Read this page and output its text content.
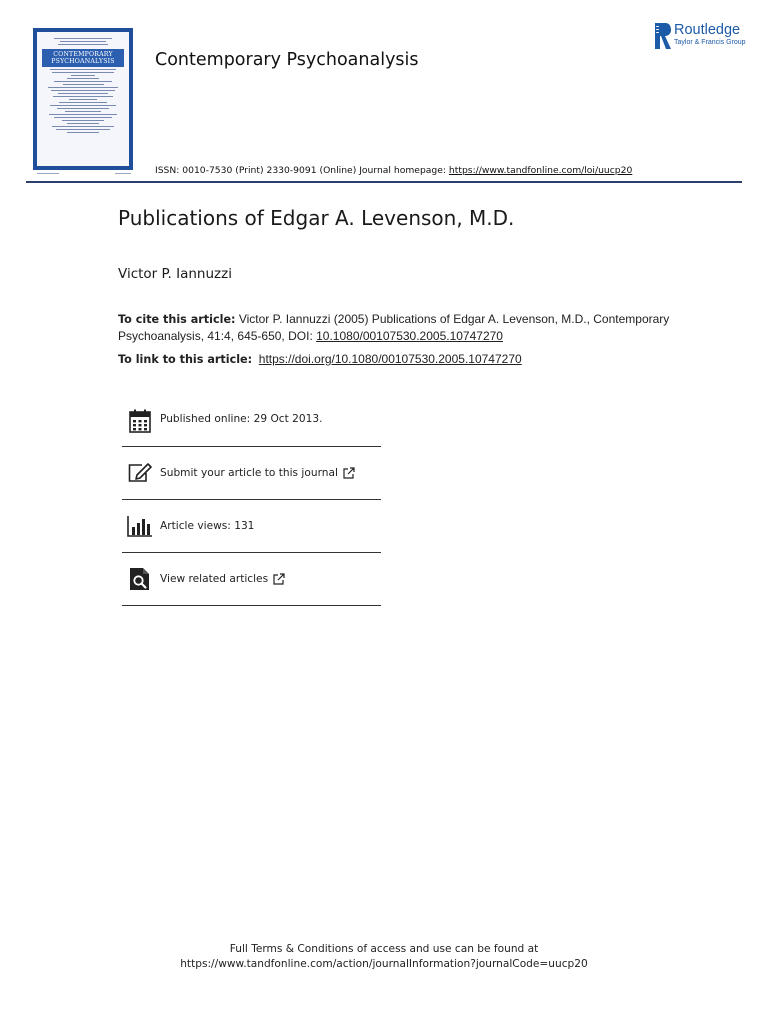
CONTEMPORARY
PSYCHOANALYSIS	Contemporary Psychoanalysis
Routledge
Taylor & Francis Group
ISSN: 0010-7530 (Print) 2330-9091 (Online) Journal homepage: https://www.tandfonline.com/loi/uucp20
Publications of Edgar A. Levenson, M.D.
Victor P. Iannuzzi
To cite this article: Victor P. Iannuzzi (2005) Publications of Edgar A. Levenson, M.D., Contemporary Psychoanalysis, 41:4, 645-650, DOI: 10.1080/00107530.2005.10747270
To link to this article: https://doi.org/10.1080/00107530.2005.10747270
Published online: 29 Oct 2013.
Submit your article to this journal
Article views: 131
View related articles
Full Terms & Conditions of access and use can be found at
https://www.tandfonline.com/action/journalInformation?journalCode=uucp20
